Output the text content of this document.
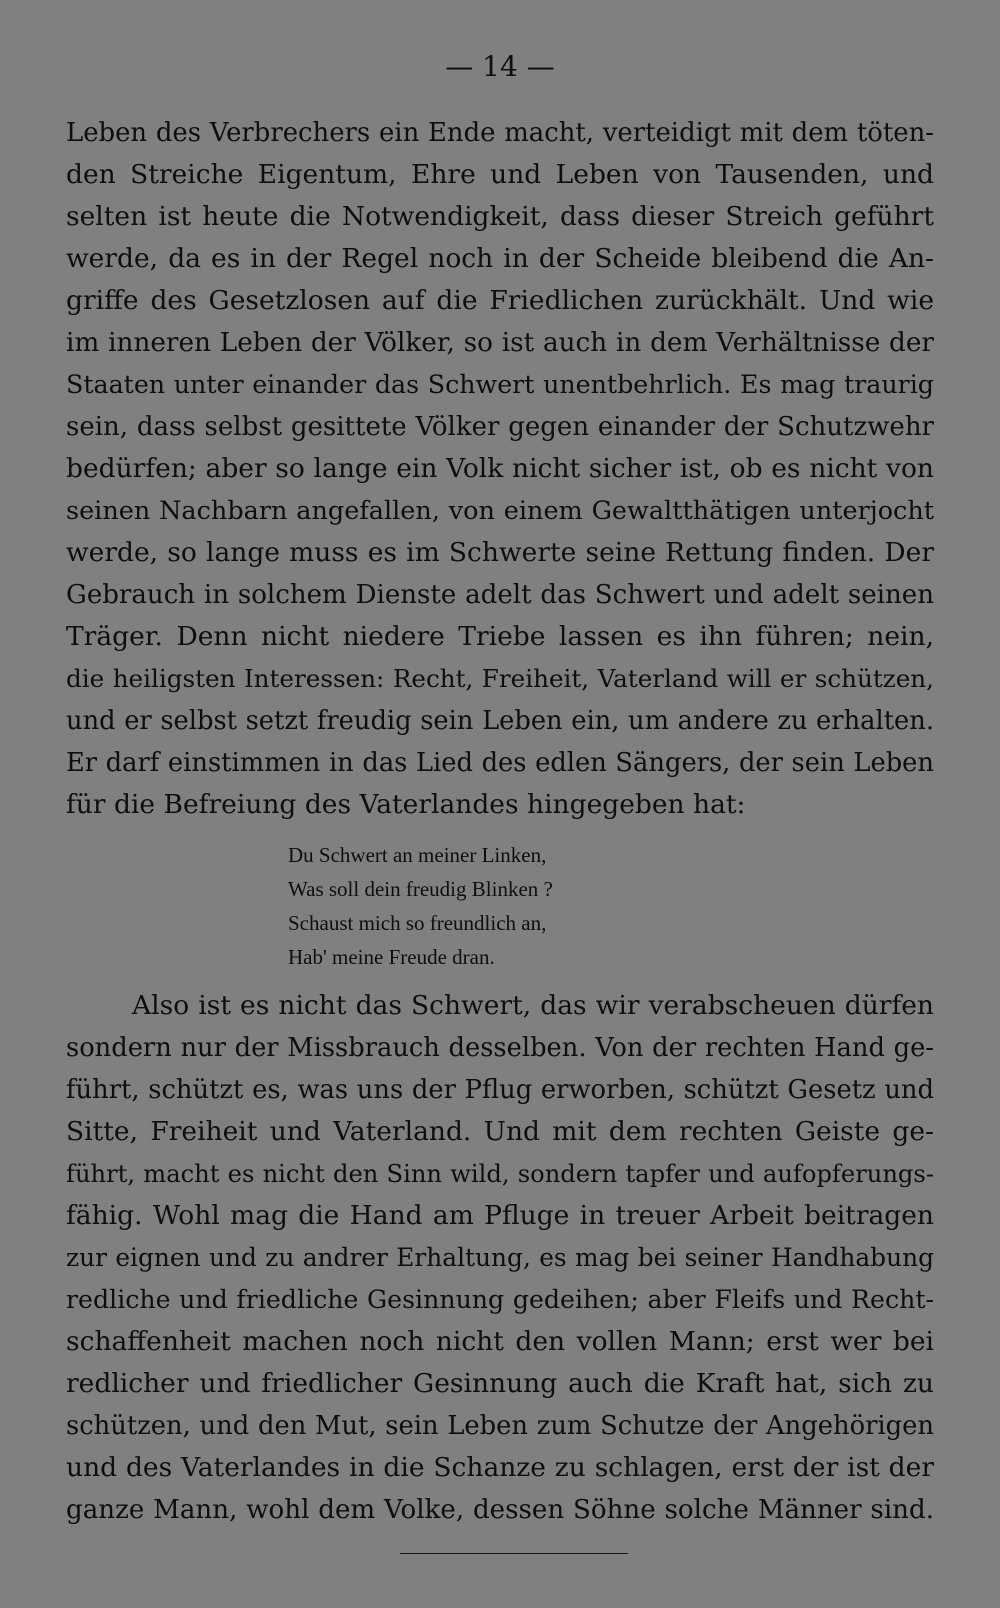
— 14 —
Leben des Verbrechers ein Ende macht, verteidigt mit dem töten-
den Streiche Eigentum, Ehre und Leben von Tausenden, und
selten ist heute die Notwendigkeit, dass dieser Streich geführt
werde, da es in der Regel noch in der Scheide bleibend die An-
griffe des Gesetzlosen auf die Friedlichen zurückhält. Und wie
im inneren Leben der Völker, so ist auch in dem Verhältnisse der
Staaten unter einander das Schwert unentbehrlich. Es mag traurig
sein, dass selbst gesittete Völker gegen einander der Schutzwehr
bedürfen; aber so lange ein Volk nicht sicher ist, ob es nicht von
seinen Nachbarn angefallen, von einem Gewaltthätigen unterjocht
werde, so lange muss es im Schwerte seine Rettung finden. Der
Gebrauch in solchem Dienste adelt das Schwert und adelt seinen
Träger. Denn nicht niedere Triebe lassen es ihn führen; nein,
die heiligsten Interessen: Recht, Freiheit, Vaterland will er schützen,
und er selbst setzt freudig sein Leben ein, um andere zu erhalten.
Er darf einstimmen in das Lied des edlen Sängers, der sein Leben
für die Befreiung des Vaterlandes hingegeben hat:
Du Schwert an meiner Linken,
Was soll dein freudig Blinken ?
Schaust mich so freundlich an,
Hab' meine Freude dran.
Also ist es nicht das Schwert, das wir verabscheuen dürfen
sondern nur der Missbrauch desselben. Von der rechten Hand ge-
führt, schützt es, was uns der Pflug erworben, schützt Gesetz und
Sitte, Freiheit und Vaterland. Und mit dem rechten Geiste ge-
führt, macht es nicht den Sinn wild, sondern tapfer und aufopferungs-
fähig. Wohl mag die Hand am Pfluge in treuer Arbeit beitragen
zur eignen und zu andrer Erhaltung, es mag bei seiner Handhabung
redliche und friedliche Gesinnung gedeihen; aber Fleifs und Recht-
schaffenheit machen noch nicht den vollen Mann; erst wer bei
redlicher und friedlicher Gesinnung auch die Kraft hat, sich zu
schützen, und den Mut, sein Leben zum Schutze der Angehörigen
und des Vaterlandes in die Schanze zu schlagen, erst der ist der
ganze Mann, wohl dem Volke, dessen Söhne solche Männer sind.
